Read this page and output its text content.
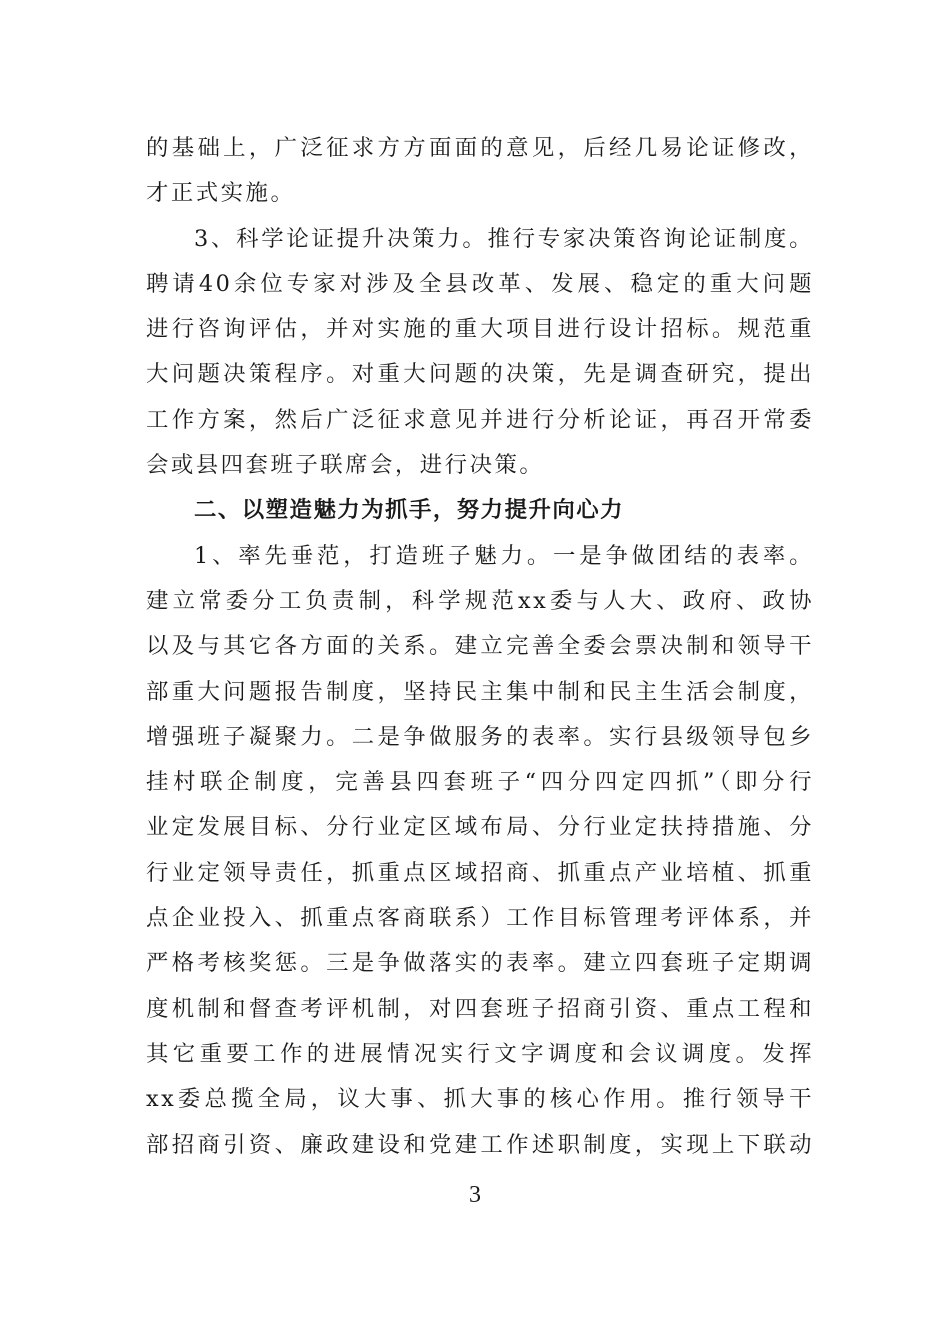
的基础上，广泛征求方方面面的意见，后经几易论证修改，
才正式实施。
3、科学论证提升决策力。推行专家决策咨询论证制度。
聘请40余位专家对涉及全县改革、发展、稳定的重大问题
进行咨询评估，并对实施的重大项目进行设计招标。规范重
大问题决策程序。对重大问题的决策，先是调查研究，提出
工作方案，然后广泛征求意见并进行分析论证，再召开常委
会或县四套班子联席会，进行决策。
二、以塑造魅力为抓手，努力提升向心力
1、率先垂范，打造班子魅力。一是争做团结的表率。
建立常委分工负责制，科学规范xx委与人大、政府、政协
以及与其它各方面的关系。建立完善全委会票决制和领导干
部重大问题报告制度，坚持民主集中制和民主生活会制度，
增强班子凝聚力。二是争做服务的表率。实行县级领导包乡
挂村联企制度，完善县四套班子“四分四定四抓”（即分行
业定发展目标、分行业定区域布局、分行业定扶持措施、分
行业定领导责任，抓重点区域招商、抓重点产业培植、抓重
点企业投入、抓重点客商联系）工作目标管理考评体系，并
严格考核奖惩。三是争做落实的表率。建立四套班子定期调
度机制和督查考评机制，对四套班子招商引资、重点工程和
其它重要工作的进展情况实行文字调度和会议调度。发挥
xx委总揽全局，议大事、抓大事的核心作用。推行领导干
部招商引资、廉政建设和党建工作述职制度，实现上下联动
3
